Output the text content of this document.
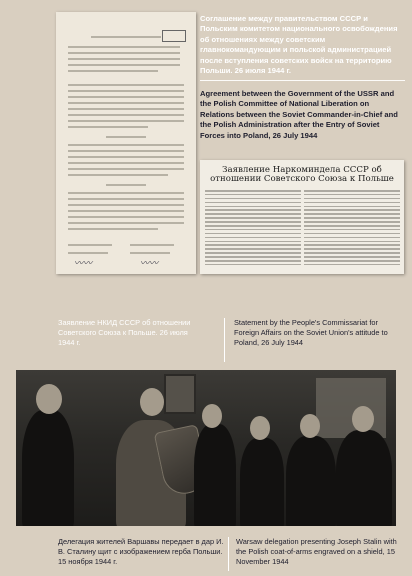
〰〰	〰〰
Соглашение между правительством СССР и Польским комитетом национального освобождения об отношениях между советским главнокомандующим и польской администрацией после вступления советских войск на территорию Польши. 26 июля 1944 г.
Agreement between the Government of the USSR and the Polish Committee of National Liberation on Relations between the Soviet Commander-in-Chief and the Polish Administration after the Entry of Soviet Forces into Poland, 26 July 1944
Заявление Наркоминдела СССР об отношении Советского Союза к Польше
Заявление НКИД СССР об отношении Советского Союза к Польше. 26 июля 1944 г.
Statement by the People's Commissariat for Foreign Affairs on the Soviet Union's attitude to Poland, 26 July 1944
Делегация жителей Варшавы передает в дар И. В. Сталину щит с изображением герба Польши. 15 ноября 1944 г.
Warsaw delegation presenting Joseph Stalin with the Polish coat-of-arms engraved on a shield, 15 November 1944
